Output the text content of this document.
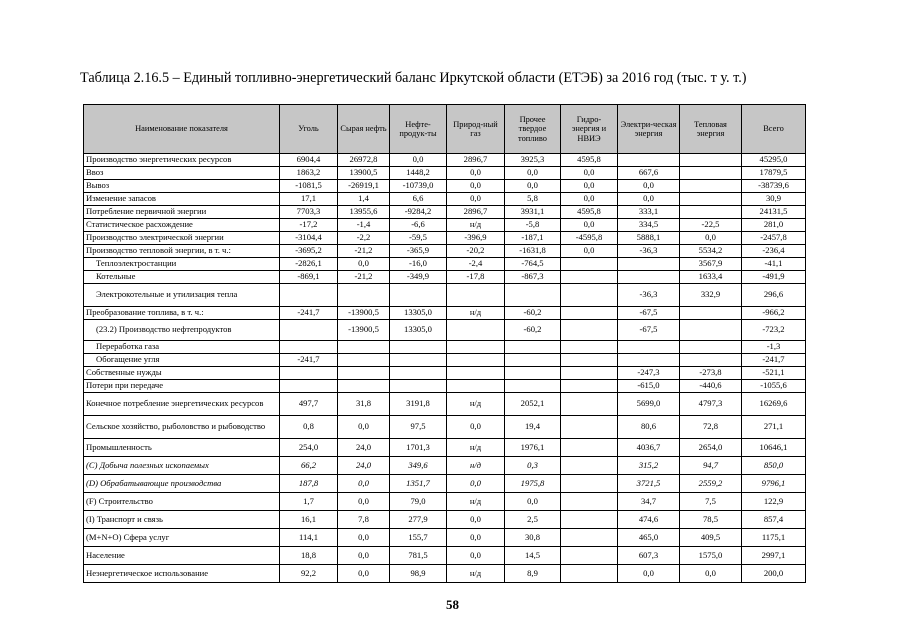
Таблица 2.16.5 – Единый топливно-энергетический баланс Иркутской области (ЕТЭБ) за 2016 год (тыс. т у. т.)
Наименование показателя	Уголь	Сырая нефть	Нефте-продук-ты	Природ-ный газ	Прочее твердое топливо	Гидро-энергия и НВИЭ	Электри-ческая энергия	Тепловая энергия	Всего
Производство энергетических ресурсов	6904,4	26972,8	0,0	2896,7	3925,3	4595,8			45295,0
Ввоз	1863,2	13900,5	1448,2	0,0	0,0	0,0	667,6		17879,5
Вывоз	-1081,5	-26919,1	-10739,0	0,0	0,0	0,0	0,0		-38739,6
Изменение запасов	17,1	1,4	6,6	0,0	5,8	0,0	0,0		30,9
Потребление первичной энергии	7703,3	13955,6	-9284,2	2896,7	3931,1	4595,8	333,1		24131,5
Статистическое расхождение	-17,2	-1,4	-6,6	н/д	-5,8	0,0	334,5	-22,5	281,0
Производство электрической энергии	-3104,4	-2,2	-59,5	-396,9	-187,1	-4595,8	5888,1	0,0	-2457,8
Производство тепловой энергии, в т. ч.:	-3695,2	-21,2	-365,9	-20,2	-1631,8	0,0	-36,3	5534,2	-236,4
Теплоэлектростанции	-2826,1	0,0	-16,0	-2,4	-764,5			3567,9	-41,1
Котельные	-869,1	-21,2	-349,9	-17,8	-867,3			1633,4	-491,9
Электрокотельные и утилизация тепла							-36,3	332,9	296,6
Преобразование топлива, в т. ч.:	-241,7	-13900,5	13305,0	н/д	-60,2		-67,5		-966,2
(23.2) Производство нефтепродуктов		-13900,5	13305,0		-60,2		-67,5		-723,2
Переработка газа									-1,3
Обогащение угля	-241,7								-241,7
Собственные нужды							-247,3	-273,8	-521,1
Потери при передаче							-615,0	-440,6	-1055,6
Конечное потребление энергетических ресурсов	497,7	31,8	3191,8	н/д	2052,1		5699,0	4797,3	16269,6
Сельское хозяйство, рыболовство и рыбоводство	0,8	0,0	97,5	0,0	19,4		80,6	72,8	271,1
Промышленность	254,0	24,0	1701,3	н/д	1976,1		4036,7	2654,0	10646,1
(C) Добыча полезных ископаемых	66,2	24,0	349,6	н/д	0,3		315,2	94,7	850,0
(D) Обрабатывающие производства	187,8	0,0	1351,7	0,0	1975,8		3721,5	2559,2	9796,1
(F) Строительство	1,7	0,0	79,0	н/д	0,0		34,7	7,5	122,9
(I) Транспорт и связь	16,1	7,8	277,9	0,0	2,5		474,6	78,5	857,4
(M+N+O) Сфера услуг	114,1	0,0	155,7	0,0	30,8		465,0	409,5	1175,1
Население	18,8	0,0	781,5	0,0	14,5		607,3	1575,0	2997,1
Неэнергетическое использование	92,2	0,0	98,9	н/д	8,9		0,0	0,0	200,0
58
